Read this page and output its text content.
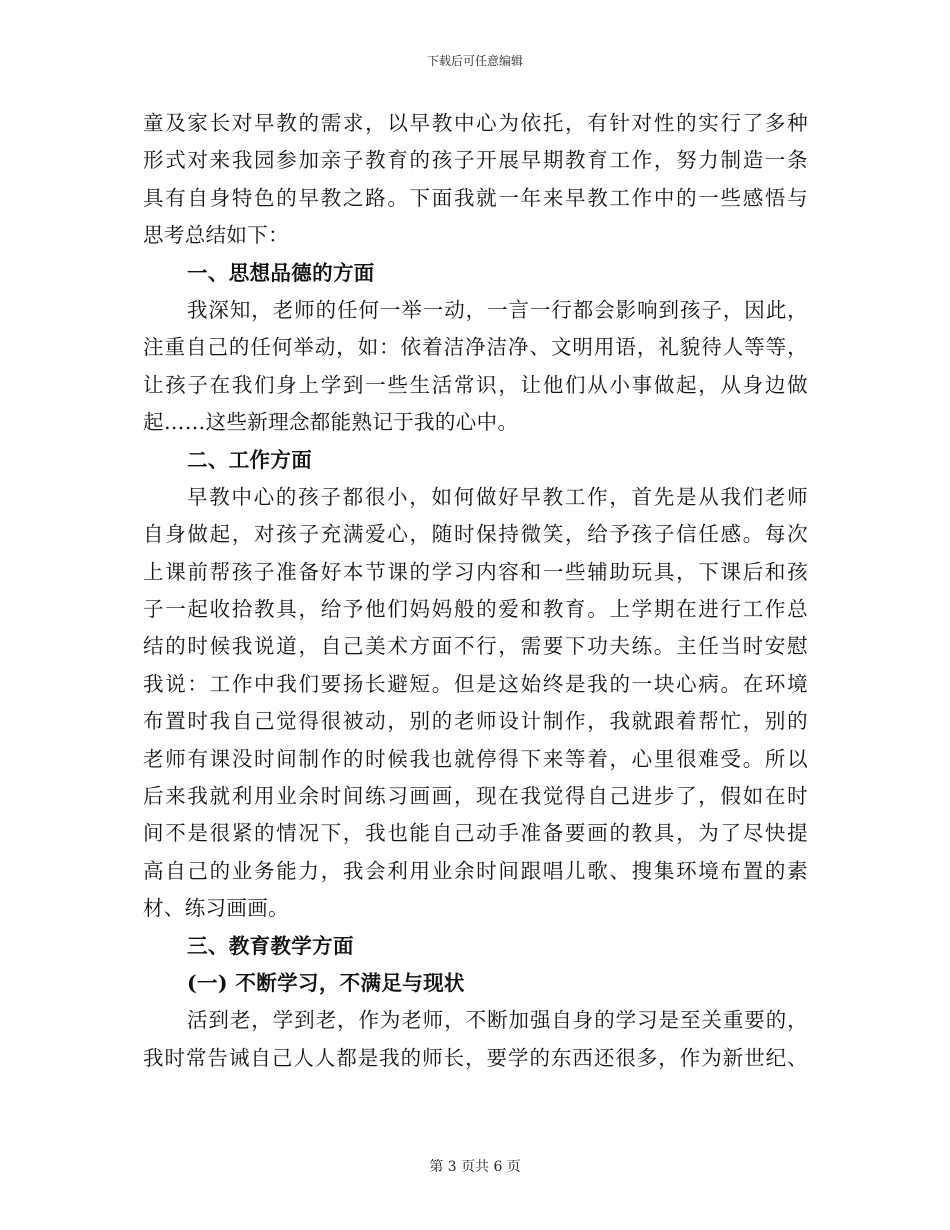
下载后可任意编辑
童及家长对早教的需求，以早教中心为依托，有针对性的实行了多种
形式对来我园参加亲子教育的孩子开展早期教育工作，努力制造一条
具有自身特色的早教之路。下面我就一年来早教工作中的一些感悟与
思考总结如下：
一、思想品德的方面
我深知，老师的任何一举一动，一言一行都会影响到孩子，因此，
注重自己的任何举动，如：依着洁净洁净、文明用语，礼貌待人等等，
让孩子在我们身上学到一些生活常识，让他们从小事做起，从身边做
起……这些新理念都能熟记于我的心中。
二、工作方面
早教中心的孩子都很小，如何做好早教工作，首先是从我们老师
自身做起，对孩子充满爱心，随时保持微笑，给予孩子信任感。每次
上课前帮孩子准备好本节课的学习内容和一些辅助玩具，下课后和孩
子一起收拾教具，给予他们妈妈般的爱和教育。上学期在进行工作总
结的时候我说道，自己美术方面不行，需要下功夫练。主任当时安慰
我说：工作中我们要扬长避短。但是这始终是我的一块心病。在环境
布置时我自己觉得很被动，别的老师设计制作，我就跟着帮忙，别的
老师有课没时间制作的时候我也就停得下来等着，心里很难受。所以
后来我就利用业余时间练习画画，现在我觉得自己进步了，假如在时
间不是很紧的情况下，我也能自己动手准备要画的教具，为了尽快提
高自己的业务能力，我会利用业余时间跟唱儿歌、搜集环境布置的素
材、练习画画。
三、教育教学方面
(一) 不断学习，不满足与现状
活到老，学到老，作为老师，不断加强自身的学习是至关重要的，
我时常告诫自己人人都是我的师长，要学的东西还很多，作为新世纪、
第 3 页共 6 页
